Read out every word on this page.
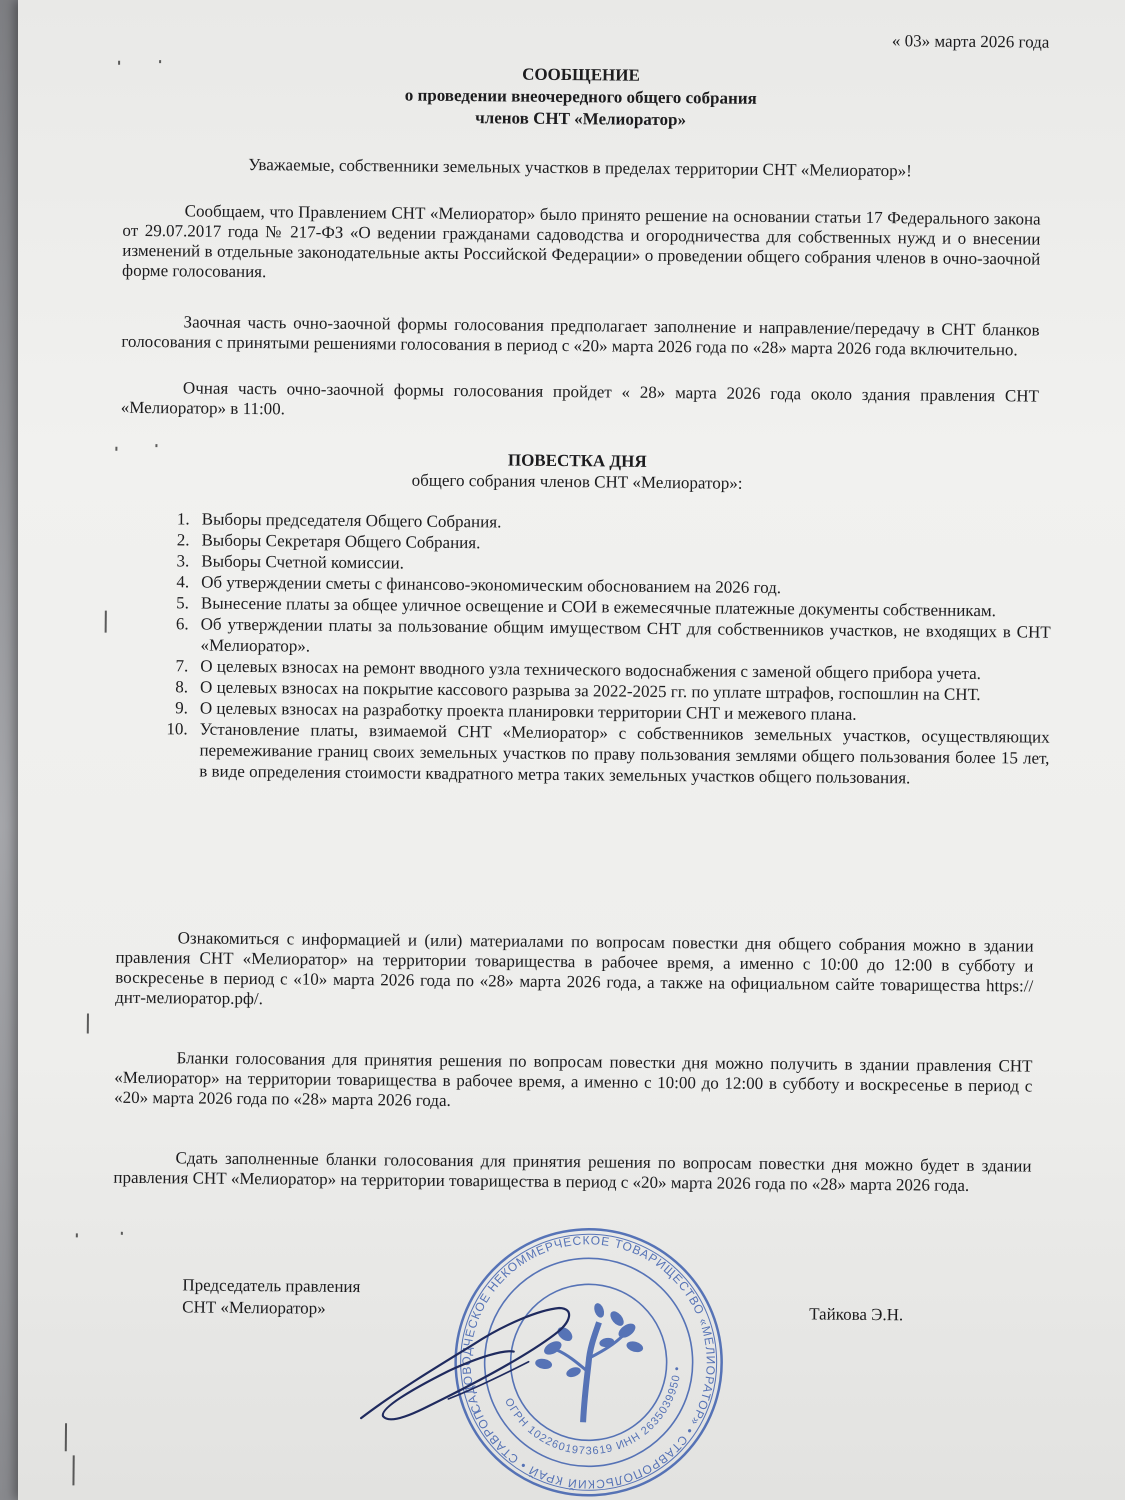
« 03» марта 2026 года
СООБЩЕНИЕ
о проведении внеочередного общего собрания
членов СНТ «Мелиоратор»
Уважаемые, собственники земельных участков в пределах территории СНТ «Мелиоратор»!

Сообщаем, что Правлением СНТ «Мелиоратор» было принято решение на основании статьи 17 Федерального закона от 29.07.2017 года № 217-ФЗ «О ведении гражданами садоводства и огородничества для собственных нужд и о внесении изменений в отдельные законодательные акты Российской Федерации» о проведении общего собрания членов в очно-заочной форме голосования.

Заочная часть очно-заочной формы голосования предполагает заполнение и направление/передачу в СНТ бланков голосования с принятыми решениями голосования в период с «20» марта 2026 года по «28» марта 2026 года включительно.

Очная часть очно-заочной формы голосования пройдет « 28» марта 2026 года около здания правления СНТ «Мелиоратор» в 11:00.

ПОВЕСТКА ДНЯ
общего собрания членов СНТ «Мелиоратор»:
1. Выборы председателя Общего Собрания.
2. Выборы Секретаря Общего Собрания.
3. Выборы Счетной комиссии.
4. Об утверждении сметы с финансово-экономическим обоснованием на 2026 год.
5. Вынесение платы за общее уличное освещение и СОИ в ежемесячные платежные документы собственникам.
6. Об утверждении платы за пользование общим имуществом СНТ для собственников участков, не входящих в СНТ «Мелиоратор».
7. О целевых взносах на ремонт вводного узла технического водоснабжения с заменой общего прибора учета.
8. О целевых взносах на покрытие кассового разрыва за 2022-2025 гг. по уплате штрафов, госпошлин на СНТ.
9. О целевых взносах на разработку проекта планировки территории СНТ и межевого плана.
10. Установление платы, взимаемой СНТ «Мелиоратор» с собственников земельных участков, осуществляющих перемеживание границ своих земельных участков по праву пользования землями общего пользования более 15 лет, в виде определения стоимости квадратного метра таких земельных участков общего пользования.

Ознакомиться с информацией и (или) материалами по вопросам повестки дня общего собрания можно в здании правления СНТ «Мелиоратор» на территории товарищества в рабочее время, а именно с 10:00 до 12:00 в субботу и воскресенье в период с «10» марта 2026 года по «28» марта 2026 года, а также на официальном сайте товарищества https://днт-мелиоратор.рф/.

Бланки голосования для принятия решения по вопросам повестки дня можно получить в здании правления СНТ «Мелиоратор» на территории товарищества в рабочее время, а именно с 10:00 до 12:00 в субботу и воскресенье в период с «20» марта 2026 года по «28» марта 2026 года.

Сдать заполненные бланки голосования для принятия решения по вопросам повестки дня можно будет в здании правления СНТ «Мелиоратор» на территории товарищества в период с «20» марта 2026 года по «28» марта 2026 года.

Председатель правления
СНТ «Мелиоратор»	Тайкова Э.Н.
САДОВОДЧЕСКОЕ НЕКОММЕРЧЕСКОЕ ТОВАРИЩЕСТВО «МЕЛИОРАТОР» • СТАВРОПОЛЬСКИЙ КРАЙ • СТАВРОПОЛЬ
ОГРН 1022601973619 ИНН 2635039950 •
